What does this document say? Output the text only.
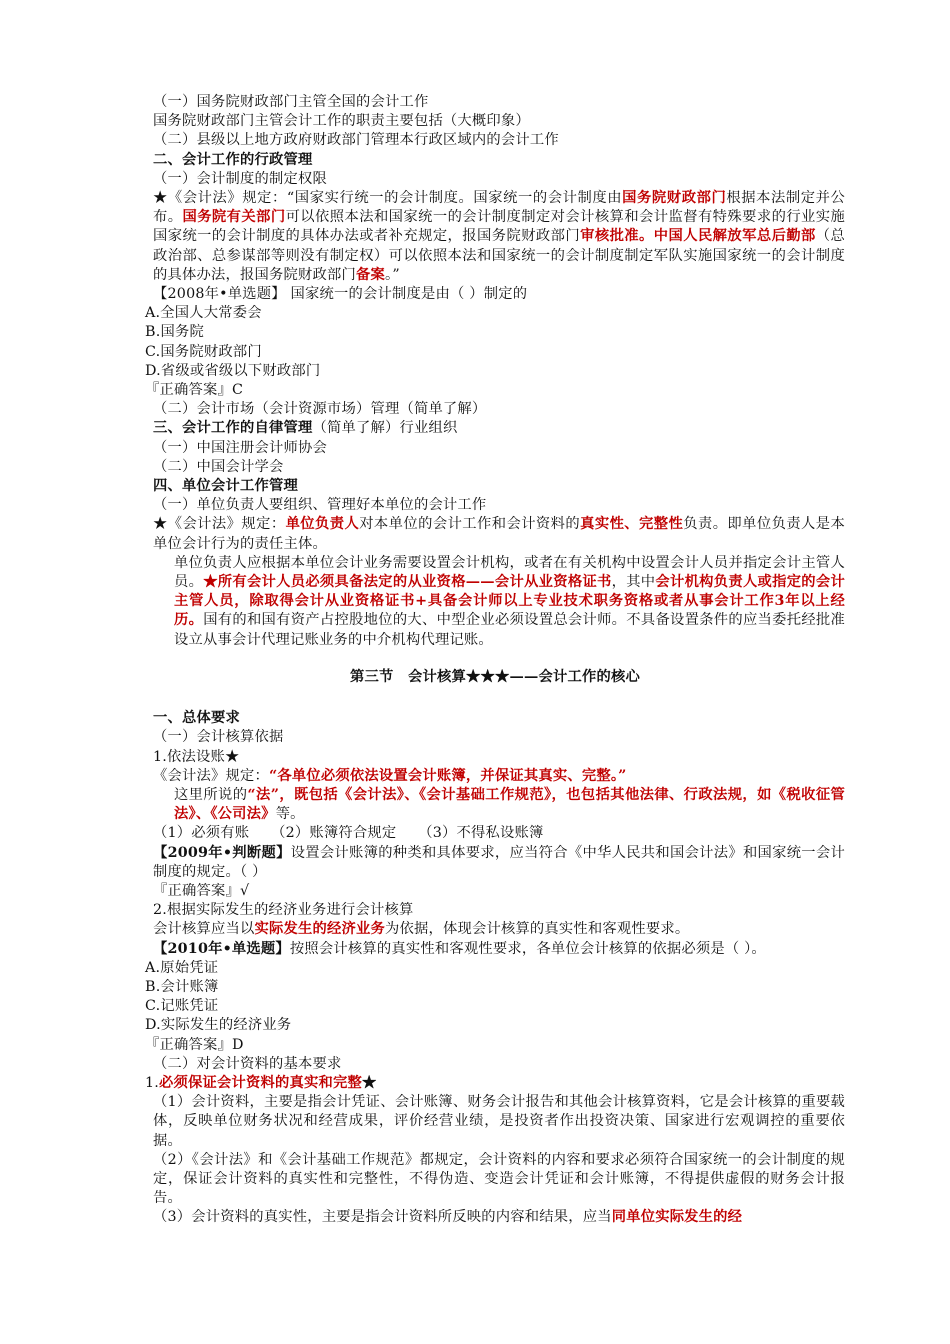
（一）国务院财政部门主管全国的会计工作
国务院财政部门主管会计工作的职责主要包括（大概印象）
（二）县级以上地方政府财政部门管理本行政区域内的会计工作
二、会计工作的行政管理
（一）会计制度的制定权限
★《会计法》规定：“国家实行统一的会计制度。国家统一的会计制度由国务院财政部门根据本法制定并公布。国务院有关部门可以依照本法和国家统一的会计制度制定对会计核算和会计监督有特殊要求的行业实施国家统一的会计制度的具体办法或者补充规定，报国务院财政部门审核批准。中国人民解放军总后勤部（总政治部、总参谋部等则没有制定权）可以依照本法和国家统一的会计制度制定军队实施国家统一的会计制度的具体办法，报国务院财政部门备案。”
【2008年•单选题】 国家统一的会计制度是由（ ）制定的
A.全国人大常委会
B.国务院
C.国务院财政部门
D.省级或省级以下财政部门
『正确答案』C
（二）会计市场（会计资源市场）管理（简单了解）
三、会计工作的自律管理（简单了解）行业组织
（一）中国注册会计师协会
（二）中国会计学会
四、单位会计工作管理
（一）单位负责人要组织、管理好本单位的会计工作
★《会计法》规定：单位负责人对本单位的会计工作和会计资料的真实性、完整性负责。即单位负责人是本单位会计行为的责任主体。
单位负责人应根据本单位会计业务需要设置会计机构，或者在有关机构中设置会计人员并指定会计主管人员。★所有会计人员必须具备法定的从业资格——会计从业资格证书，其中会计机构负责人或指定的会计主管人员，除取得会计从业资格证书+具备会计师以上专业技术职务资格或者从事会计工作3年以上经历。国有的和国有资产占控股地位的大、中型企业必须设置总会计师。不具备设置条件的应当委托经批准设立从事会计代理记账业务的中介机构代理记账。
第三节　会计核算★★★——会计工作的核心
一、总体要求
（一）会计核算依据
1.依法设账★
《会计法》规定：“各单位必须依法设置会计账簿，并保证其真实、完整。”
这里所说的“法”，既包括《会计法》、《会计基础工作规范》，也包括其他法律、行政法规，如《税收征管法》、《公司法》等。
（1）必须有账　　（2）账簿符合规定　　（3）不得私设账簿
【2009年•判断题】设置会计账簿的种类和具体要求，应当符合《中华人民共和国会计法》和国家统一会计制度的规定。（ ）
『正确答案』√
2.根据实际发生的经济业务进行会计核算
会计核算应当以实际发生的经济业务为依据，体现会计核算的真实性和客观性要求。
【2010年•单选题】按照会计核算的真实性和客观性要求，各单位会计核算的依据必须是（ ）。
A.原始凭证
B.会计账簿
C.记账凭证
D.实际发生的经济业务
『正确答案』D
（二）对会计资料的基本要求
1.必须保证会计资料的真实和完整★
（1）会计资料，主要是指会计凭证、会计账簿、财务会计报告和其他会计核算资料，它是会计核算的重要载体，反映单位财务状况和经营成果，评价经营业绩，是投资者作出投资决策、国家进行宏观调控的重要依据。
（2）《会计法》和《会计基础工作规范》都规定，会计资料的内容和要求必须符合国家统一的会计制度的规定，保证会计资料的真实性和完整性，不得伪造、变造会计凭证和会计账簿，不得提供虚假的财务会计报告。
（3）会计资料的真实性，主要是指会计资料所反映的内容和结果，应当同单位实际发生的经
